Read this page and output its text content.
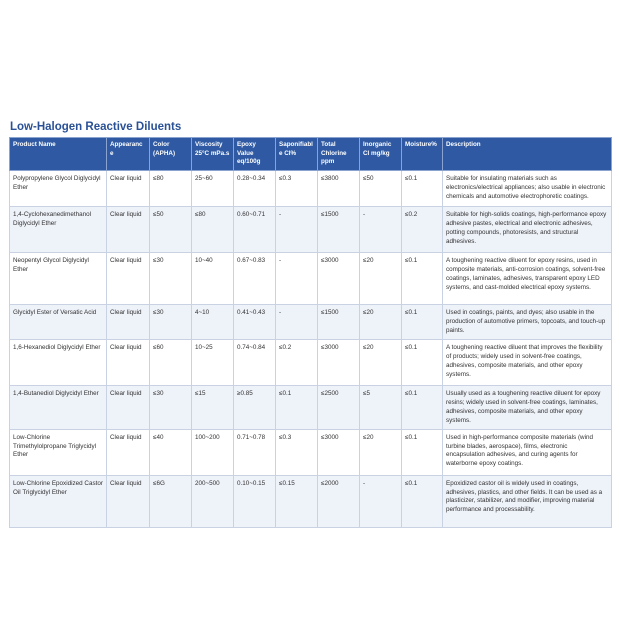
Low-Halogen Reactive Diluents
Product Name	Appearance	Color (APHA)	Viscosity 25°C mPa.s	Epoxy Value eq/100g	Saponifiable Cl%	Total Chlorine ppm	Inorganic Cl mg/kg	Moisture%	Description
Polypropylene Glycol Diglycidyl Ether	Clear liquid	≤80	25~60	0.28~0.34	≤0.3	≤3800	≤50	≤0.1	Suitable for insulating materials such as electronics/electrical appliances; also usable in electronic chemicals and automotive electrophoretic coatings.
1,4-Cyclohexanedimethanol Diglycidyl Ether	Clear liquid	≤50	≤80	0.60~0.71	-	≤1500	-	≤0.2	Suitable for high-solids coatings, high-performance epoxy adhesive pastes, electrical and electronic adhesives, potting compounds, photoresists, and structural adhesives.
Neopentyl Glycol Diglycidyl Ether	Clear liquid	≤30	10~40	0.67~0.83	-	≤3000	≤20	≤0.1	A toughening reactive diluent for epoxy resins, used in composite materials, anti-corrosion coatings, solvent-free coatings, laminates, adhesives, transparent epoxy LED systems, and cast-molded electrical epoxy systems.
Glycidyl Ester of Versatic Acid	Clear liquid	≤30	4~10	0.41~0.43	-	≤1500	≤20	≤0.1	Used in coatings, paints, and dyes; also usable in the production of automotive primers, topcoats, and touch-up paints.
1,6-Hexanediol Diglycidyl Ether	Clear liquid	≤60	10~25	0.74~0.84	≤0.2	≤3000	≤20	≤0.1	A toughening reactive diluent that improves the flexibility of products; widely used in solvent-free coatings, adhesives, composite materials, and other epoxy systems.
1,4-Butanediol Diglycidyl Ether	Clear liquid	≤30	≤15	≥0.85	≤0.1	≤2500	≤5	≤0.1	Usually used as a toughening reactive diluent for epoxy resins; widely used in solvent-free coatings, laminates, adhesives, composite materials, and other epoxy systems.
Low-Chlorine Trimethylolpropane Triglycidyl Ether	Clear liquid	≤40	100~200	0.71~0.78	≤0.3	≤3000	≤20	≤0.1	Used in high-performance composite materials (wind turbine blades, aerospace), films, electronic encapsulation adhesives, and curing agents for waterborne epoxy coatings.
Low-Chlorine Epoxidized Castor Oil Triglycidyl Ether	Clear liquid	≤6G	200~500	0.10~0.15	≤0.15	≤2000	-	≤0.1	Epoxidized castor oil is widely used in coatings, adhesives, plastics, and other fields. It can be used as a plasticizer, stabilizer, and modifier, improving material performance and processability.
